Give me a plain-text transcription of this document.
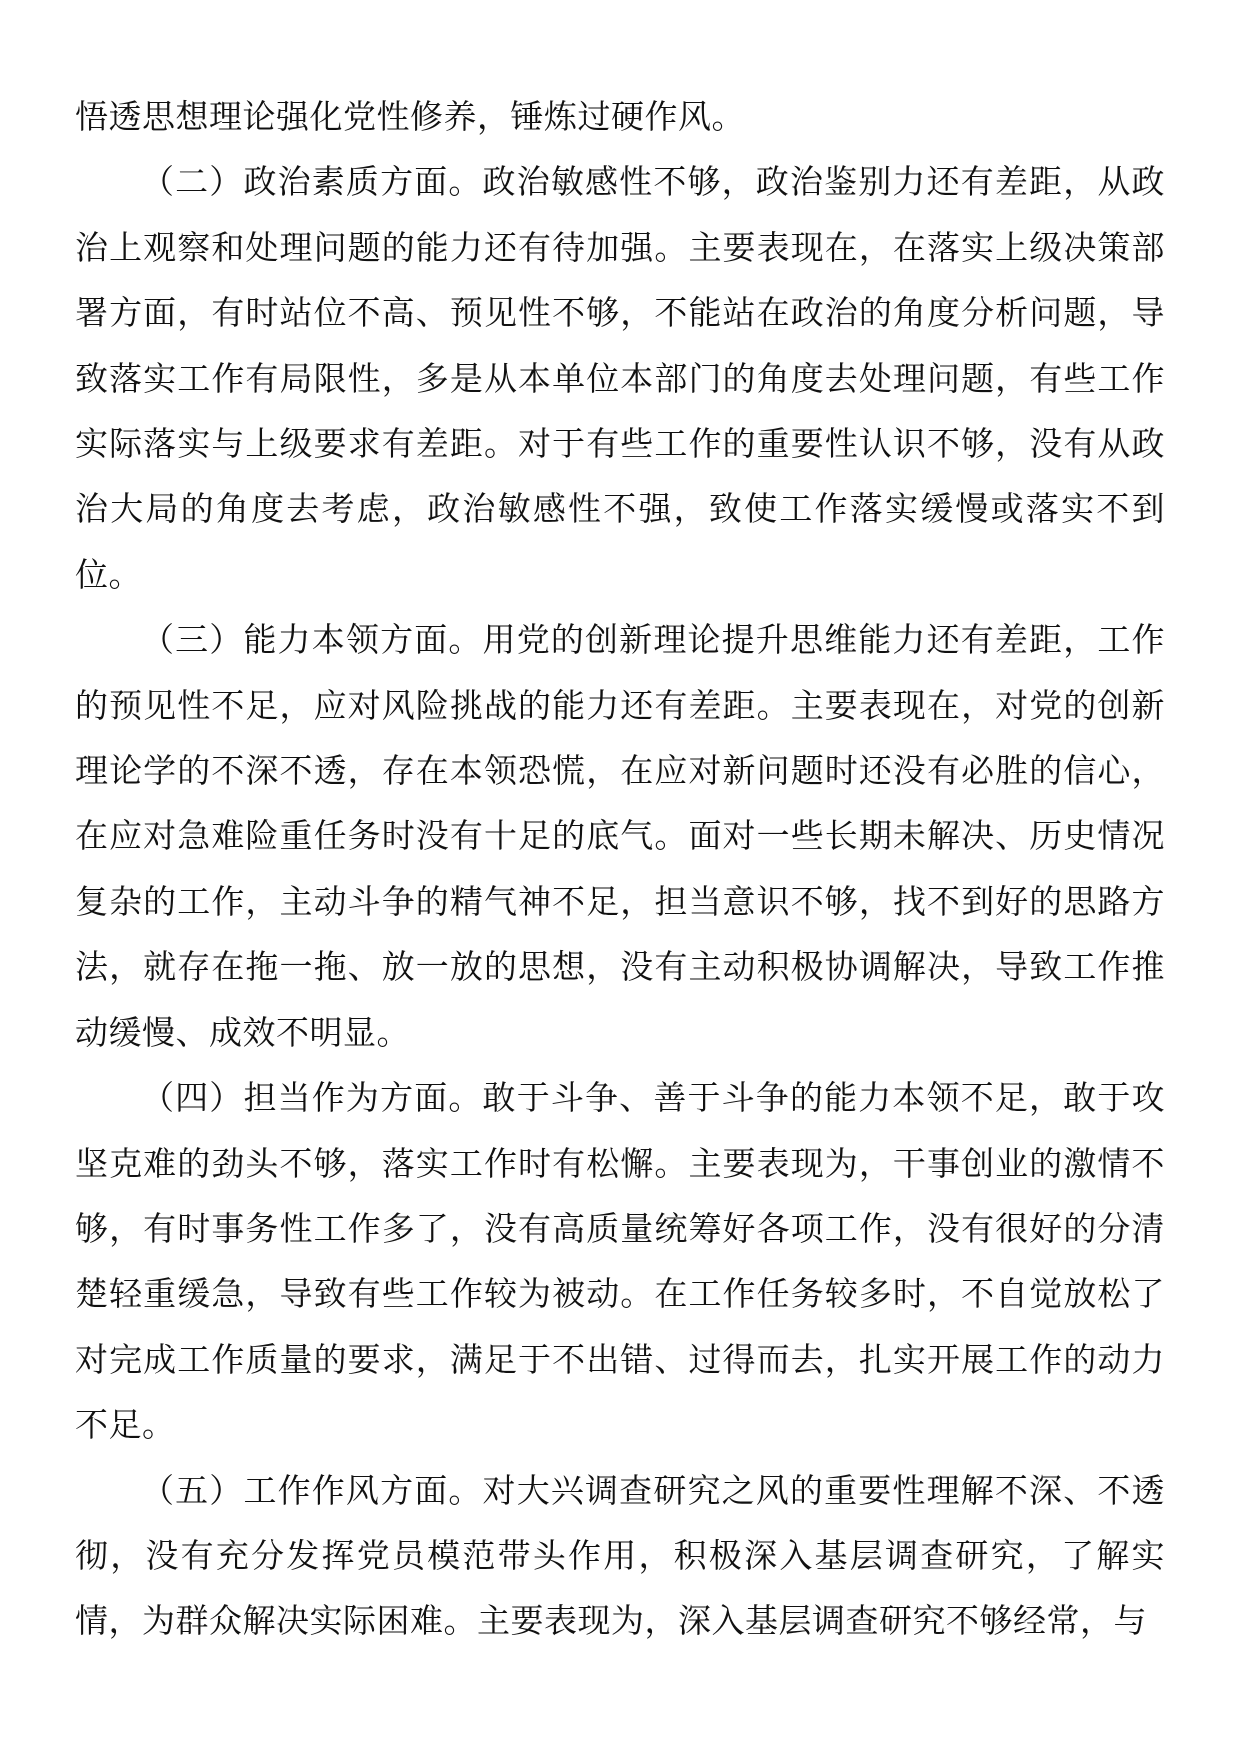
悟透思想理论强化党性修养，锤炼过硬作风。

（二）政治素质方面。政治敏感性不够，政治鉴别力还有差距，从政治上观察和处理问题的能力还有待加强。主要表现在，在落实上级决策部署方面，有时站位不高、预见性不够，不能站在政治的角度分析问题，导致落实工作有局限性，多是从本单位本部门的角度去处理问题，有些工作实际落实与上级要求有差距。对于有些工作的重要性认识不够，没有从政治大局的角度去考虑，政治敏感性不强，致使工作落实缓慢或落实不到位。

（三）能力本领方面。用党的创新理论提升思维能力还有差距，工作的预见性不足，应对风险挑战的能力还有差距。主要表现在，对党的创新理论学的不深不透，存在本领恐慌，在应对新问题时还没有必胜的信心，在应对急难险重任务时没有十足的底气。面对一些长期未解决、历史情况复杂的工作，主动斗争的精气神不足，担当意识不够，找不到好的思路方法，就存在拖一拖、放一放的思想，没有主动积极协调解决，导致工作推动缓慢、成效不明显。

（四）担当作为方面。敢于斗争、善于斗争的能力本领不足，敢于攻坚克难的劲头不够，落实工作时有松懈。主要表现为，干事创业的激情不够，有时事务性工作多了，没有高质量统筹好各项工作，没有很好的分清楚轻重缓急，导致有些工作较为被动。在工作任务较多时，不自觉放松了对完成工作质量的要求，满足于不出错、过得而去，扎实开展工作的动力不足。

（五）工作作风方面。对大兴调查研究之风的重要性理解不深、不透彻，没有充分发挥党员模范带头作用，积极深入基层调查研究，了解实情，为群众解决实际困难。主要表现为，深入基层调查研究不够经常，与
